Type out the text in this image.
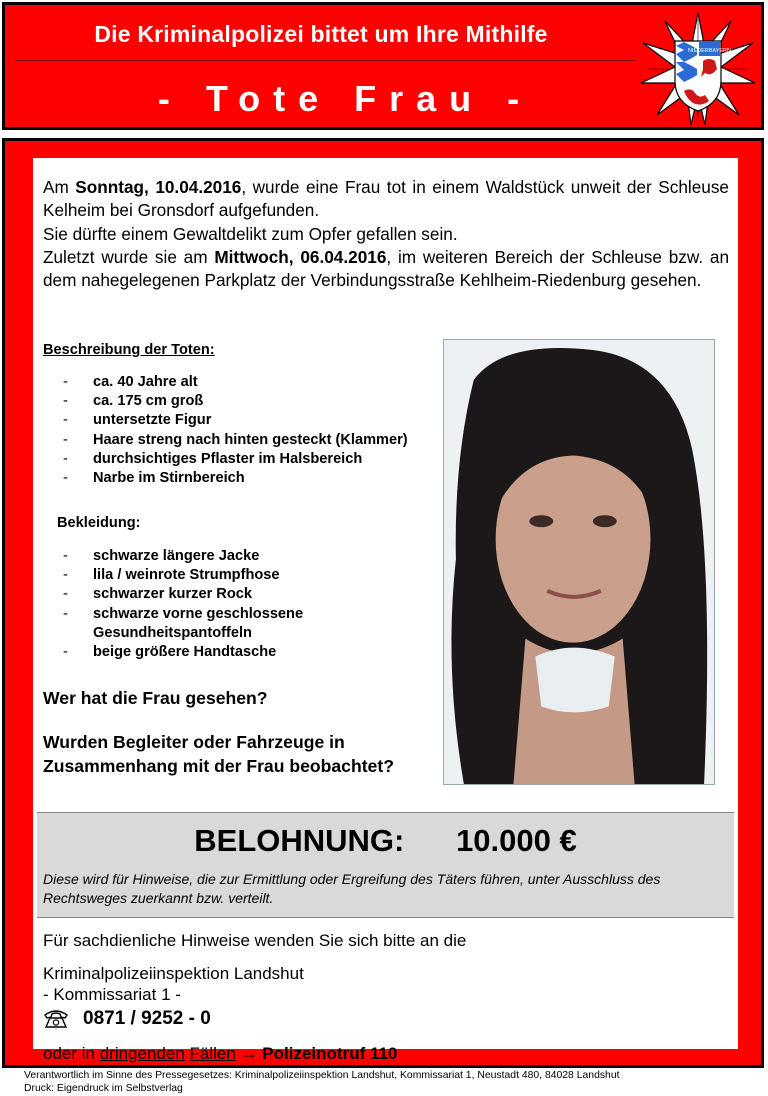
Die Kriminalpolizei bittet um Ihre Mithilfe
- Tote Frau -
NIEDERBAYERN

Am Sonntag, 10.04.2016, wurde eine Frau tot in einem Waldstück unweit der Schleuse Kelheim bei Gronsdorf aufgefunden.

Sie dürfte einem Gewaltdelikt zum Opfer gefallen sein.

Zuletzt wurde sie am Mittwoch, 06.04.2016, im weiteren Bereich der Schleuse bzw. an dem nahegelegenen Parkplatz der Verbindungsstraße Kehlheim-Riedenburg gesehen.

Beschreibung der Toten:
- ca. 40 Jahre alt
- ca. 175 cm groß
- untersetzte Figur
- Haare streng nach hinten gesteckt (Klammer)
- durchsichtiges Pflaster im Halsbereich
- Narbe im Stirnbereich
Bekleidung:
- schwarze längere Jacke
- lila / weinrote Strumpfhose
- schwarzer kurzer Rock
- schwarze vorne geschlossene Gesundheitspantoffeln
- beige größere Handtasche
Wer hat die Frau gesehen?
Wurden Begleiter oder Fahrzeuge in
Zusammenhang mit der Frau beobachtet?
BELOHNUNG: 10.000 €
Diese wird für Hinweise, die zur Ermittlung oder Ergreifung des Täters führen, unter Ausschluss des Rechtsweges zuerkannt bzw. verteilt.
Für sachdienliche Hinweise wenden Sie sich bitte an die
Kriminalpolizeiinspektion Landshut
- Kommissariat 1 -
0871 / 9252 - 0
oder in dringenden Fällen → Polizeinotruf 110
Verantwortlich im Sinne des Pressegesetzes: Kriminalpolizeiinspektion Landshut, Kommissariat 1, Neustadt 480, 84028 Landshut
Druck: Eigendruck im Selbstverlag
